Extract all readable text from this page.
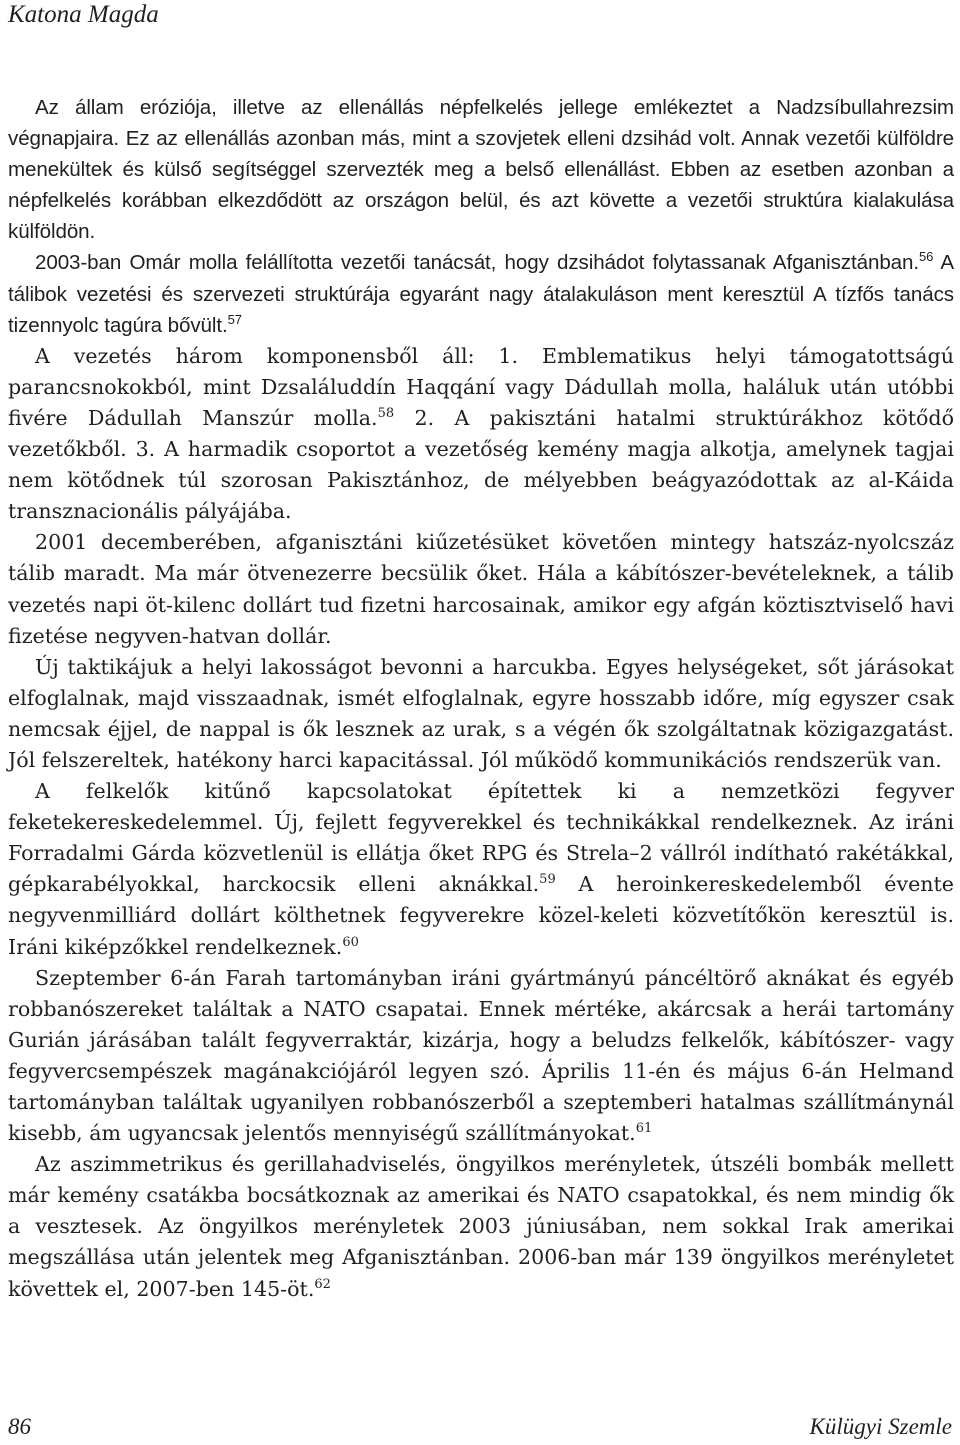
Katona Magda

Az állam eróziója, illetve az ellenállás népfelkelés jellege emlékeztet a Nadzsíbullahrezsim végnapjaira. Ez az ellenállás azonban más, mint a szovjetek elleni dzsihád volt. Annak vezetői külföldre menekültek és külső segítséggel szervezték meg a belső ellenállást. Ebben az esetben azonban a népfelkelés korábban elkezdődött az országon belül, és azt követte a vezetői struktúra kialakulása külföldön.

2003-ban Omár molla felállította vezetői tanácsát, hogy dzsihádot folytassanak Afganisztánban.$^{56}$ A tálibok vezetési és szervezeti struktúrája egyaránt nagy átalakuláson ment keresztül A tízfős tanács tizennyolc tagúra bővült.$^{57}$

A vezetés három komponensből áll: 1. Emblematikus helyi támogatottságú parancsnokokból, mint Dzsaláluddín Haqqání vagy Dádullah molla, haláluk után utóbbi fivére Dádullah Manszúr molla.$^{58}$ 2. A pakisztáni hatalmi struktúrákhoz kötődő vezetőkből. 3. A harmadik csoportot a vezetőség kemény magja alkotja, amelynek tagjai nem kötődnek túl szorosan Pakisztánhoz, de mélyebben beágyazódottak az al-Káida transznacionális pályájába.

2001 decemberében, afganisztáni kiűzetésüket követően mintegy hatszáz-nyolcszáz tálib maradt. Ma már ötvenezerre becsülik őket. Hála a kábítószer-bevételeknek, a tálib vezetés napi öt-kilenc dollárt tud fizetni harcosainak, amikor egy afgán köztisztviselő havi fizetése negyven-hatvan dollár.

Új taktikájuk a helyi lakosságot bevonni a harcukba. Egyes helységeket, sőt járásokat elfoglalnak, majd visszaadnak, ismét elfoglalnak, egyre hosszabb időre, míg egyszer csak nemcsak éjjel, de nappal is ők lesznek az urak, s a végén ők szolgáltatnak közigazgatást. Jól felszereltek, hatékony harci kapacitással. Jól működő kommunikációs rendszerük van.

A felkelők kitűnő kapcsolatokat építettek ki a nemzetközi fegyver feketekereskedelemmel. Új, fejlett fegyverekkel és technikákkal rendelkeznek. Az iráni Forradalmi Gárda közvetlenül is ellátja őket RPG és Strela–2 vállról indítható rakétákkal, gépkarabélyokkal, harckocsik elleni aknákkal.$^{59}$ A heroinkereskedelemből évente negyvenmilliárd dollárt költhetnek fegyverekre közel-keleti közvetítőkön keresztül is. Iráni kiképzőkkel rendelkeznek.$^{60}$

Szeptember 6-án Farah tartományban iráni gyártmányú páncéltörő aknákat és egyéb robbanószereket találtak a NATO csapatai. Ennek mértéke, akárcsak a herái tartomány Gurián járásában talált fegyverraktár, kizárja, hogy a beludzs felkelők, kábítószer- vagy fegyvercsempészek magánakciójáról legyen szó. Április 11-én és május 6-án Helmand tartományban találtak ugyanilyen robbanószerből a szeptemberi hatalmas szállítmánynál kisebb, ám ugyancsak jelentős mennyiségű szállítmányokat.$^{61}$

Az aszimmetrikus és gerillahadviselés, öngyilkos merényletek, útszéli bombák mellett már kemény csatákba bocsátkoznak az amerikai és NATO csapatokkal, és nem mindig ők a vesztesek. Az öngyilkos merényletek 2003 júniusában, nem sokkal Irak amerikai megszállása után jelentek meg Afganisztánban. 2006-ban már 139 öngyilkos merényletet követtek el, 2007-ben 145-öt.$^{62}$

86	Külügyi Szemle
